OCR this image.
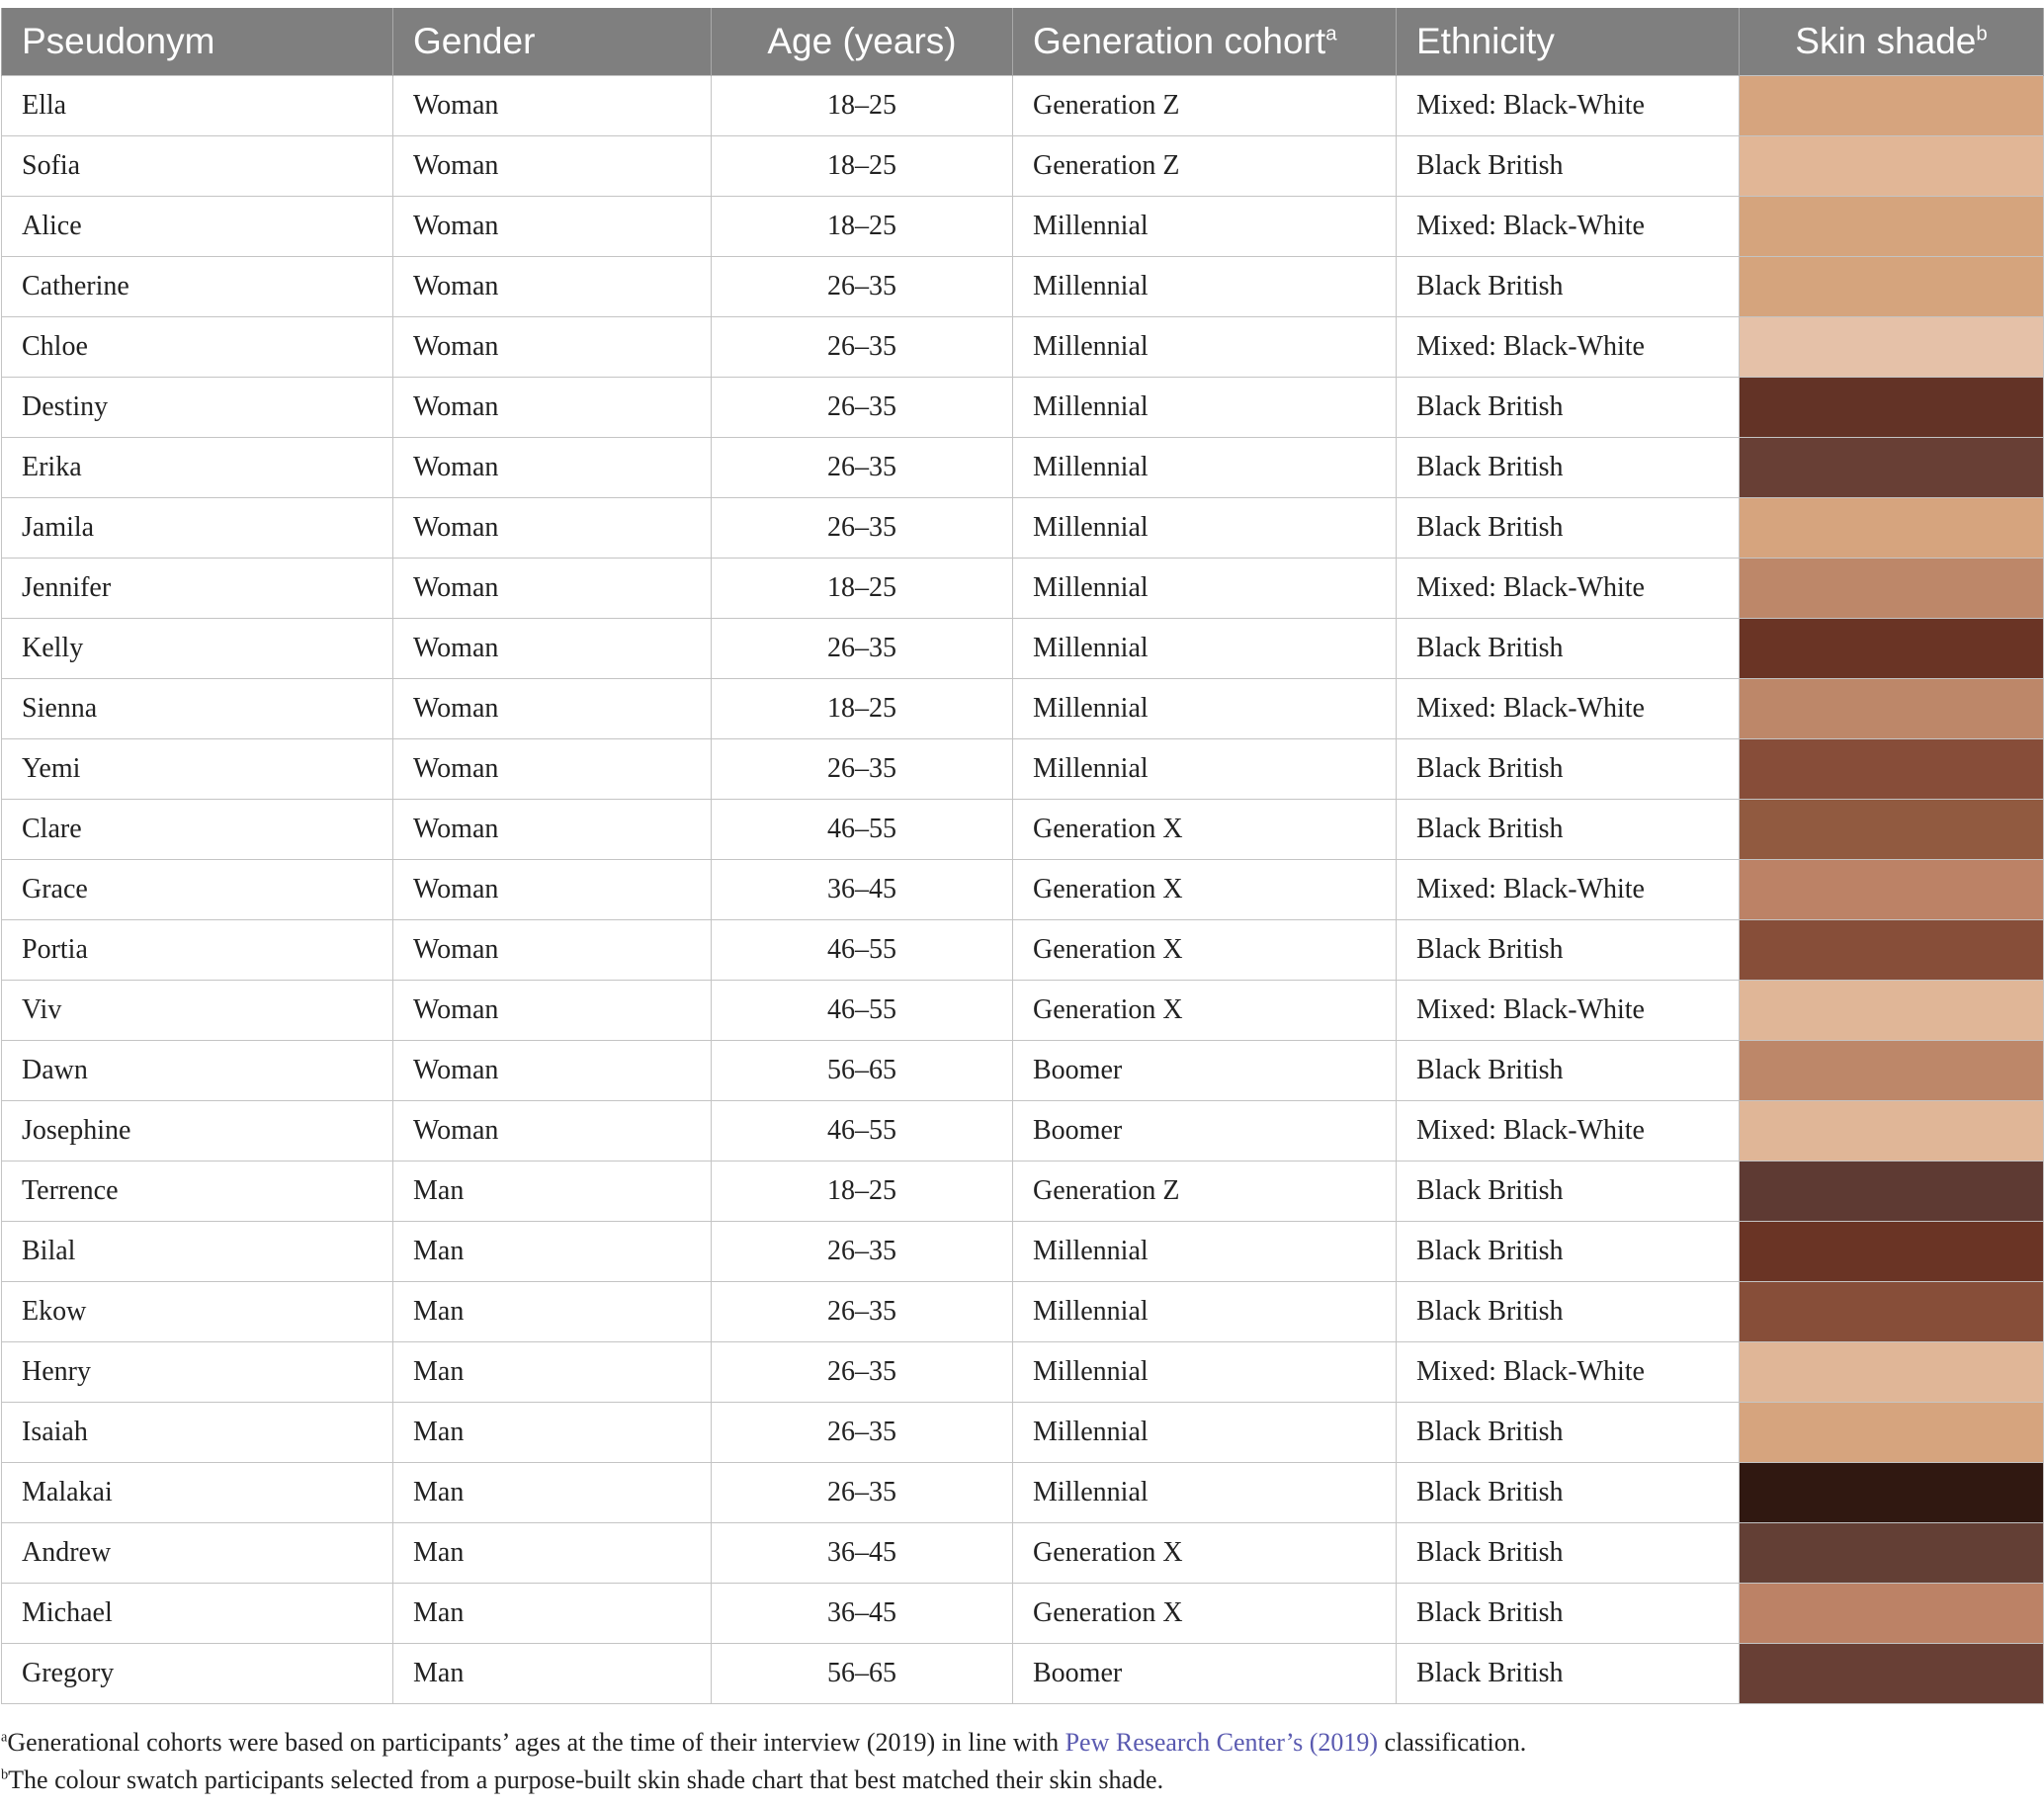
Pseudonym	Gender	Age (years)	Generation cohort$^a$	Ethnicity	Skin shade$^b$
Ella	Woman	18–25	Generation Z	Mixed: Black-White	

Sofia	Woman	18–25	Generation Z	Black British	

Alice	Woman	18–25	Millennial	Mixed: Black-White	

Catherine	Woman	26–35	Millennial	Black British	

Chloe	Woman	26–35	Millennial	Mixed: Black-White	

Destiny	Woman	26–35	Millennial	Black British	

Erika	Woman	26–35	Millennial	Black British	

Jamila	Woman	26–35	Millennial	Black British	

Jennifer	Woman	18–25	Millennial	Mixed: Black-White	

Kelly	Woman	26–35	Millennial	Black British	

Sienna	Woman	18–25	Millennial	Mixed: Black-White	

Yemi	Woman	26–35	Millennial	Black British	

Clare	Woman	46–55	Generation X	Black British	

Grace	Woman	36–45	Generation X	Mixed: Black-White	

Portia	Woman	46–55	Generation X	Black British	

Viv	Woman	46–55	Generation X	Mixed: Black-White	

Dawn	Woman	56–65	Boomer	Black British	

Josephine	Woman	46–55	Boomer	Mixed: Black-White	

Terrence	Man	18–25	Generation Z	Black British	

Bilal	Man	26–35	Millennial	Black British	

Ekow	Man	26–35	Millennial	Black British	

Henry	Man	26–35	Millennial	Mixed: Black-White	

Isaiah	Man	26–35	Millennial	Black British	

Malakai	Man	26–35	Millennial	Black British	

Andrew	Man	36–45	Generation X	Black British	

Michael	Man	36–45	Generation X	Black British	

Gregory	Man	56–65	Boomer	Black British	
$^a$Generational cohorts were based on participants’ ages at the time of their interview (2019) in line with Pew Research Center’s (2019) classification.
$^b$The colour swatch participants selected from a purpose-built skin shade chart that best matched their skin shade.
